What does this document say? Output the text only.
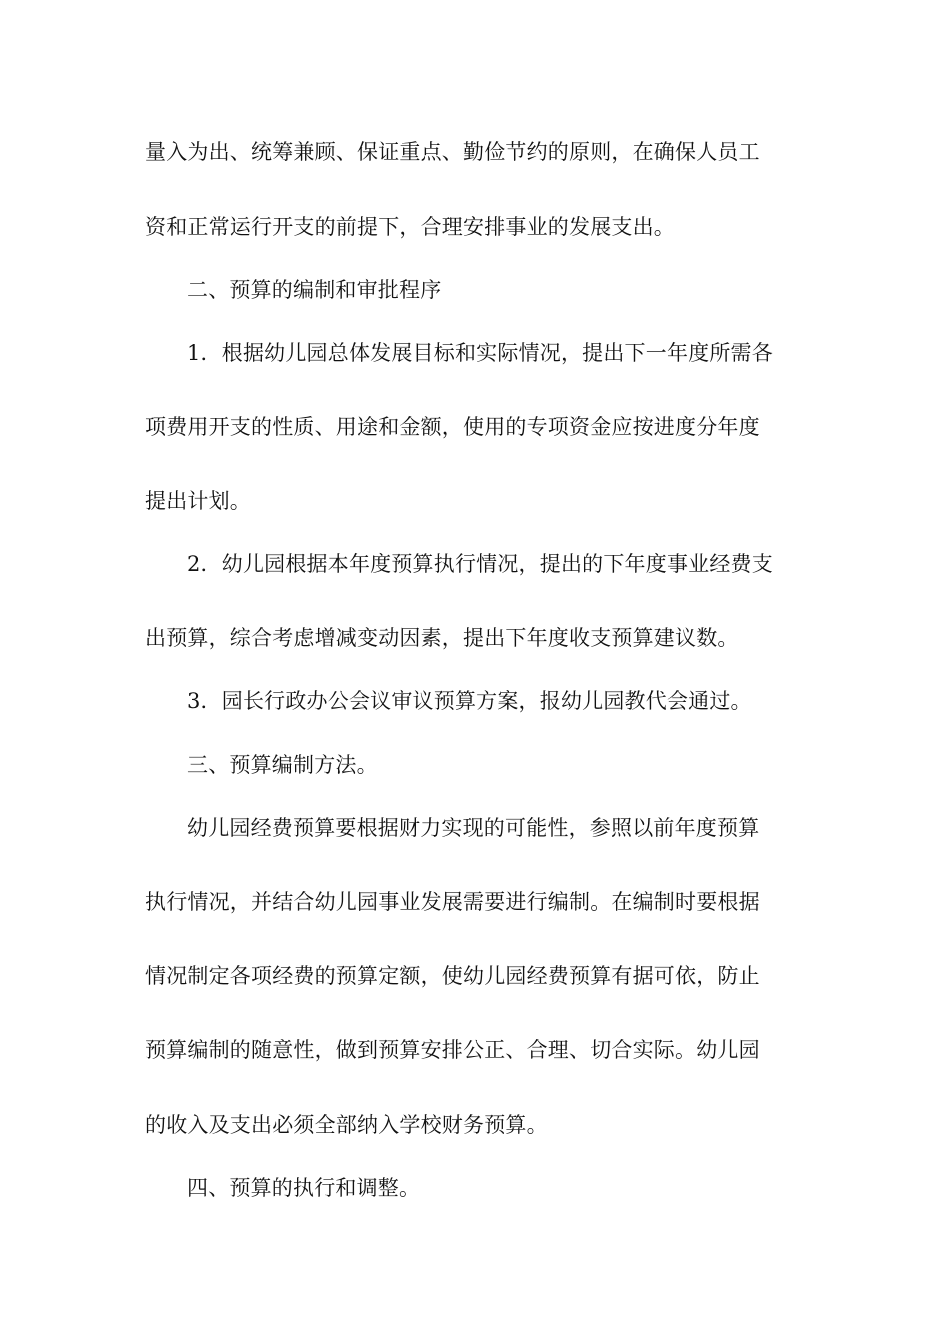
量入为出、统筹兼顾、保证重点、勤俭节约的原则，在确保人员工
资和正常运行开支的前提下，合理安排事业的发展支出。
二、预算的编制和审批程序
1．根据幼儿园总体发展目标和实际情况，提出下一年度所需各
项费用开支的性质、用途和金额，使用的专项资金应按进度分年度
提出计划。
2．幼儿园根据本年度预算执行情况，提出的下年度事业经费支
出预算，综合考虑增减变动因素，提出下年度收支预算建议数。
3．园长行政办公会议审议预算方案，报幼儿园教代会通过。
三、预算编制方法。
幼儿园经费预算要根据财力实现的可能性，参照以前年度预算
执行情况，并结合幼儿园事业发展需要进行编制。在编制时要根据
情况制定各项经费的预算定额，使幼儿园经费预算有据可依，防止
预算编制的随意性，做到预算安排公正、合理、切合实际。幼儿园
的收入及支出必须全部纳入学校财务预算。
四、预算的执行和调整。
